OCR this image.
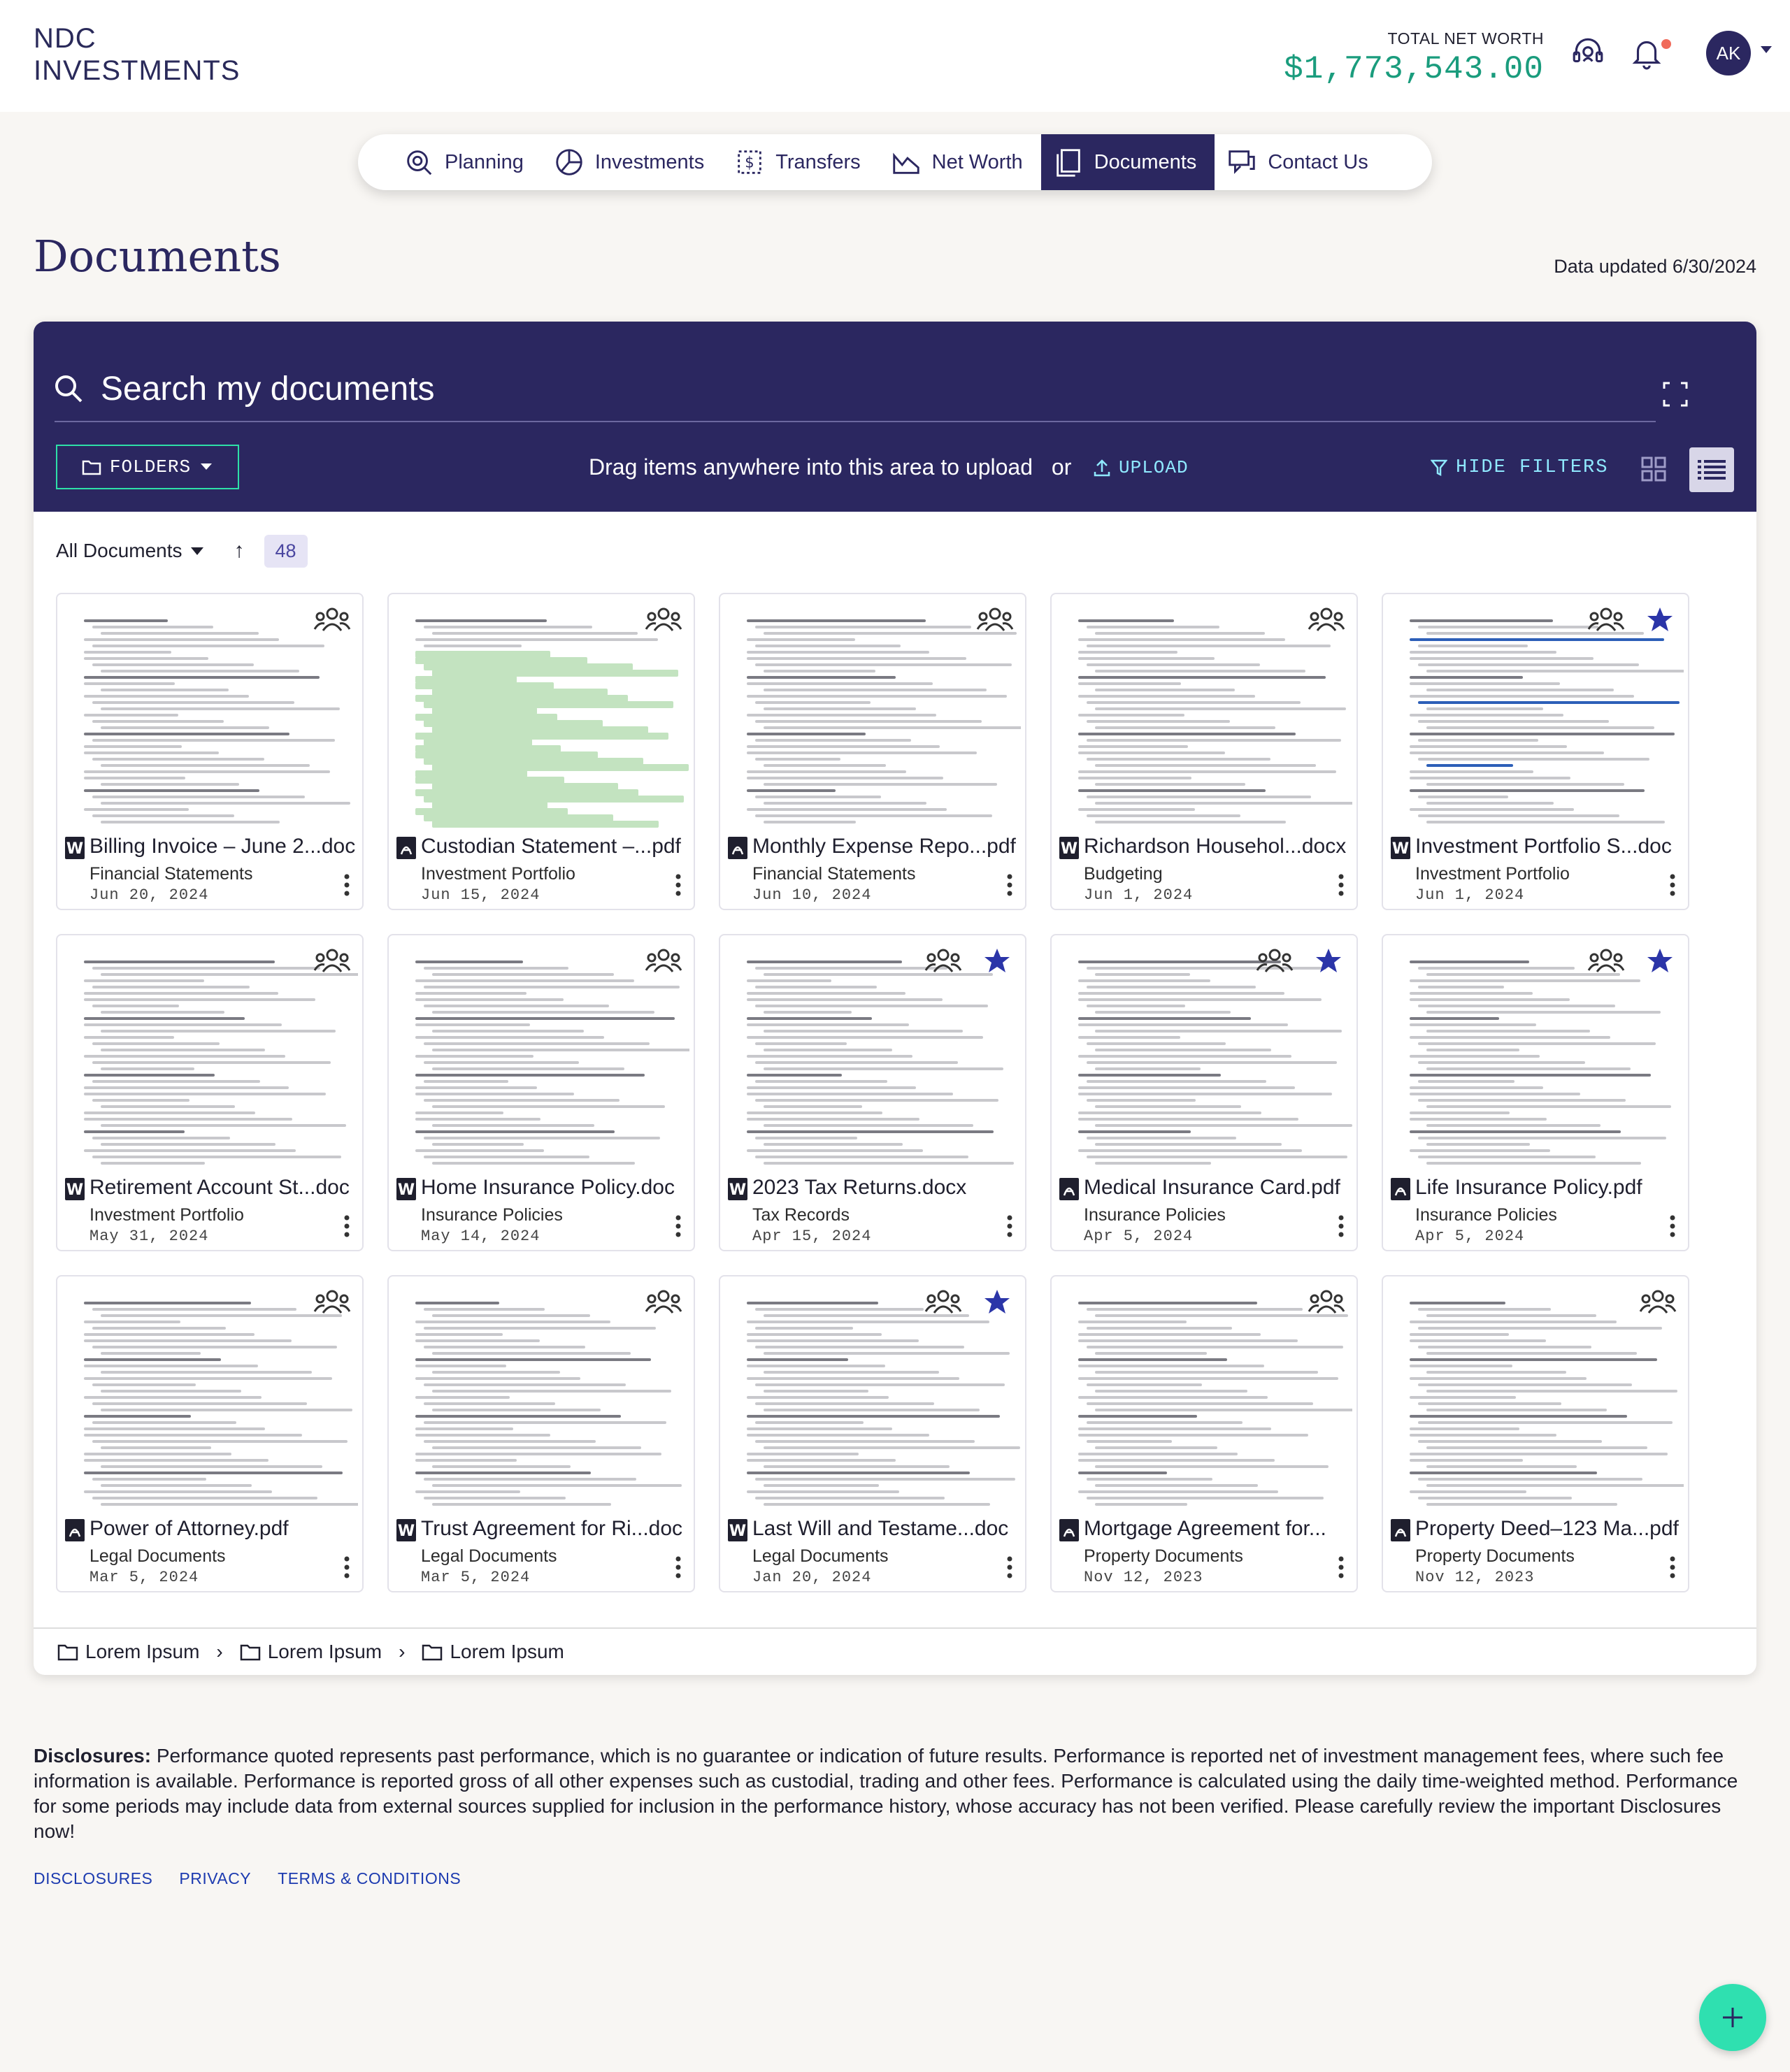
NDC
INVESTMENTS
TOTAL NET WORTH
$1,773,543.00	AK
Planning	Investments	$ Transfers	Net Worth	Documents	Contact Us
Documents	Data updated 6/30/2024
Search my documents
FOLDERS	Drag items anywhere into this area to upload or	UPLOAD	HIDE FILTERS
All Documents ↑	48
W Billing Invoice – June 2...doc
Financial Statements
Jun 20, 2024
Custodian Statement –...pdf
Investment Portfolio
Jun 15, 2024
Monthly Expense Repo...pdf
Financial Statements
Jun 10, 2024
W Richardson Househol...docx
Budgeting
Jun 1, 2024
W Investment Portfolio S...doc
Investment Portfolio
Jun 1, 2024
W Retirement Account St...doc
Investment Portfolio
May 31, 2024
W Home Insurance Policy.doc
Insurance Policies
May 14, 2024
W 2023 Tax Returns.docx
Tax Records
Apr 15, 2024
Medical Insurance Card.pdf
Insurance Policies
Apr 5, 2024
Life Insurance Policy.pdf
Insurance Policies
Apr 5, 2024
Power of Attorney.pdf
Legal Documents
Mar 5, 2024
W Trust Agreement for Ri...doc
Legal Documents
Mar 5, 2024
W Last Will and Testame...doc
Legal Documents
Jan 20, 2024
Mortgage Agreement for...
Property Documents
Nov 12, 2023
Property Deed–123 Ma...pdf
Property Documents
Nov 12, 2023
Lorem Ipsum › Lorem Ipsum › Lorem Ipsum
Disclosures: Performance quoted represents past performance, which is no guarantee or indication of future results. Performance is reported net of investment management fees, where such fee information is available. Performance is reported gross of all other expenses such as custodial, trading and other fees. Performance is calculated using the daily time-weighted method. Performance for some periods may include data from external sources supplied for inclusion in the performance history, whose accuracy has not been verified. Please carefully review the important Disclosures now!
DISCLOSURES PRIVACY TERMS & CONDITIONS
